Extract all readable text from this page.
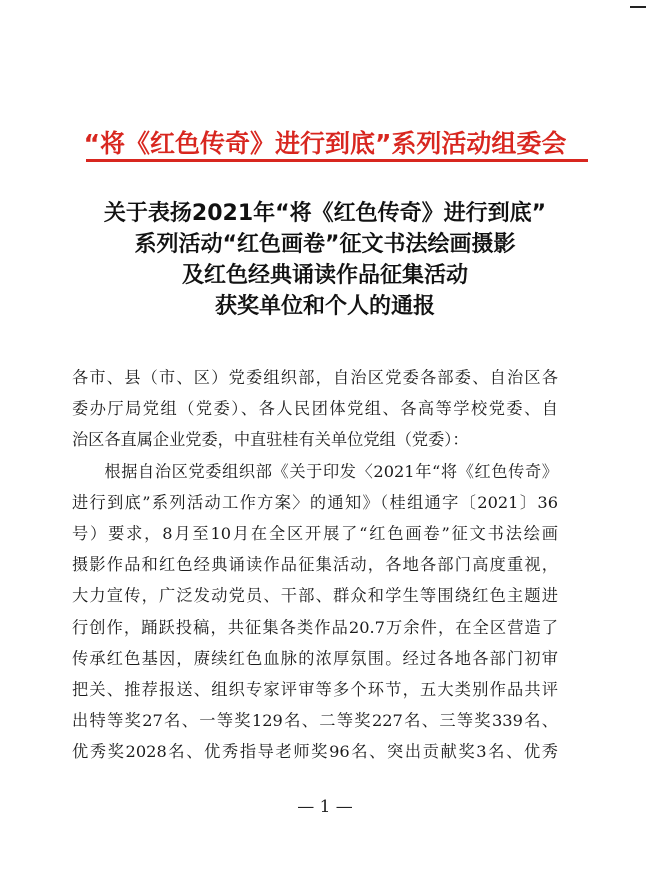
“将《红色传奇》进行到底”系列活动组委会
关于表扬2021年“将《红色传奇》进行到底”
系列活动“红色画卷”征文书法绘画摄影
及红色经典诵读作品征集活动
获奖单位和个人的通报

各市、县（市、区）党委组织部，自治区党委各部委、自治区各

委办厅局党组（党委）、各人民团体党组、各高等学校党委、自

治区各直属企业党委，中直驻桂有关单位党组（党委）：

根据自治区党委组织部《关于印发〈2021年“将《红色传奇》

进行到底”系列活动工作方案〉的通知》（桂组通字〔2021〕36

号）要求，8月至10月在全区开展了“红色画卷”征文书法绘画

摄影作品和红色经典诵读作品征集活动，各地各部门高度重视，

大力宣传，广泛发动党员、干部、群众和学生等围绕红色主题进

行创作，踊跃投稿，共征集各类作品20.7万余件，在全区营造了

传承红色基因，赓续红色血脉的浓厚氛围。经过各地各部门初审

把关、推荐报送、组织专家评审等多个环节，五大类别作品共评

出特等奖27名、一等奖129名、二等奖227名、三等奖339名、

优秀奖2028名、优秀指导老师奖96名、突出贡献奖3名、优秀

— 1 —
